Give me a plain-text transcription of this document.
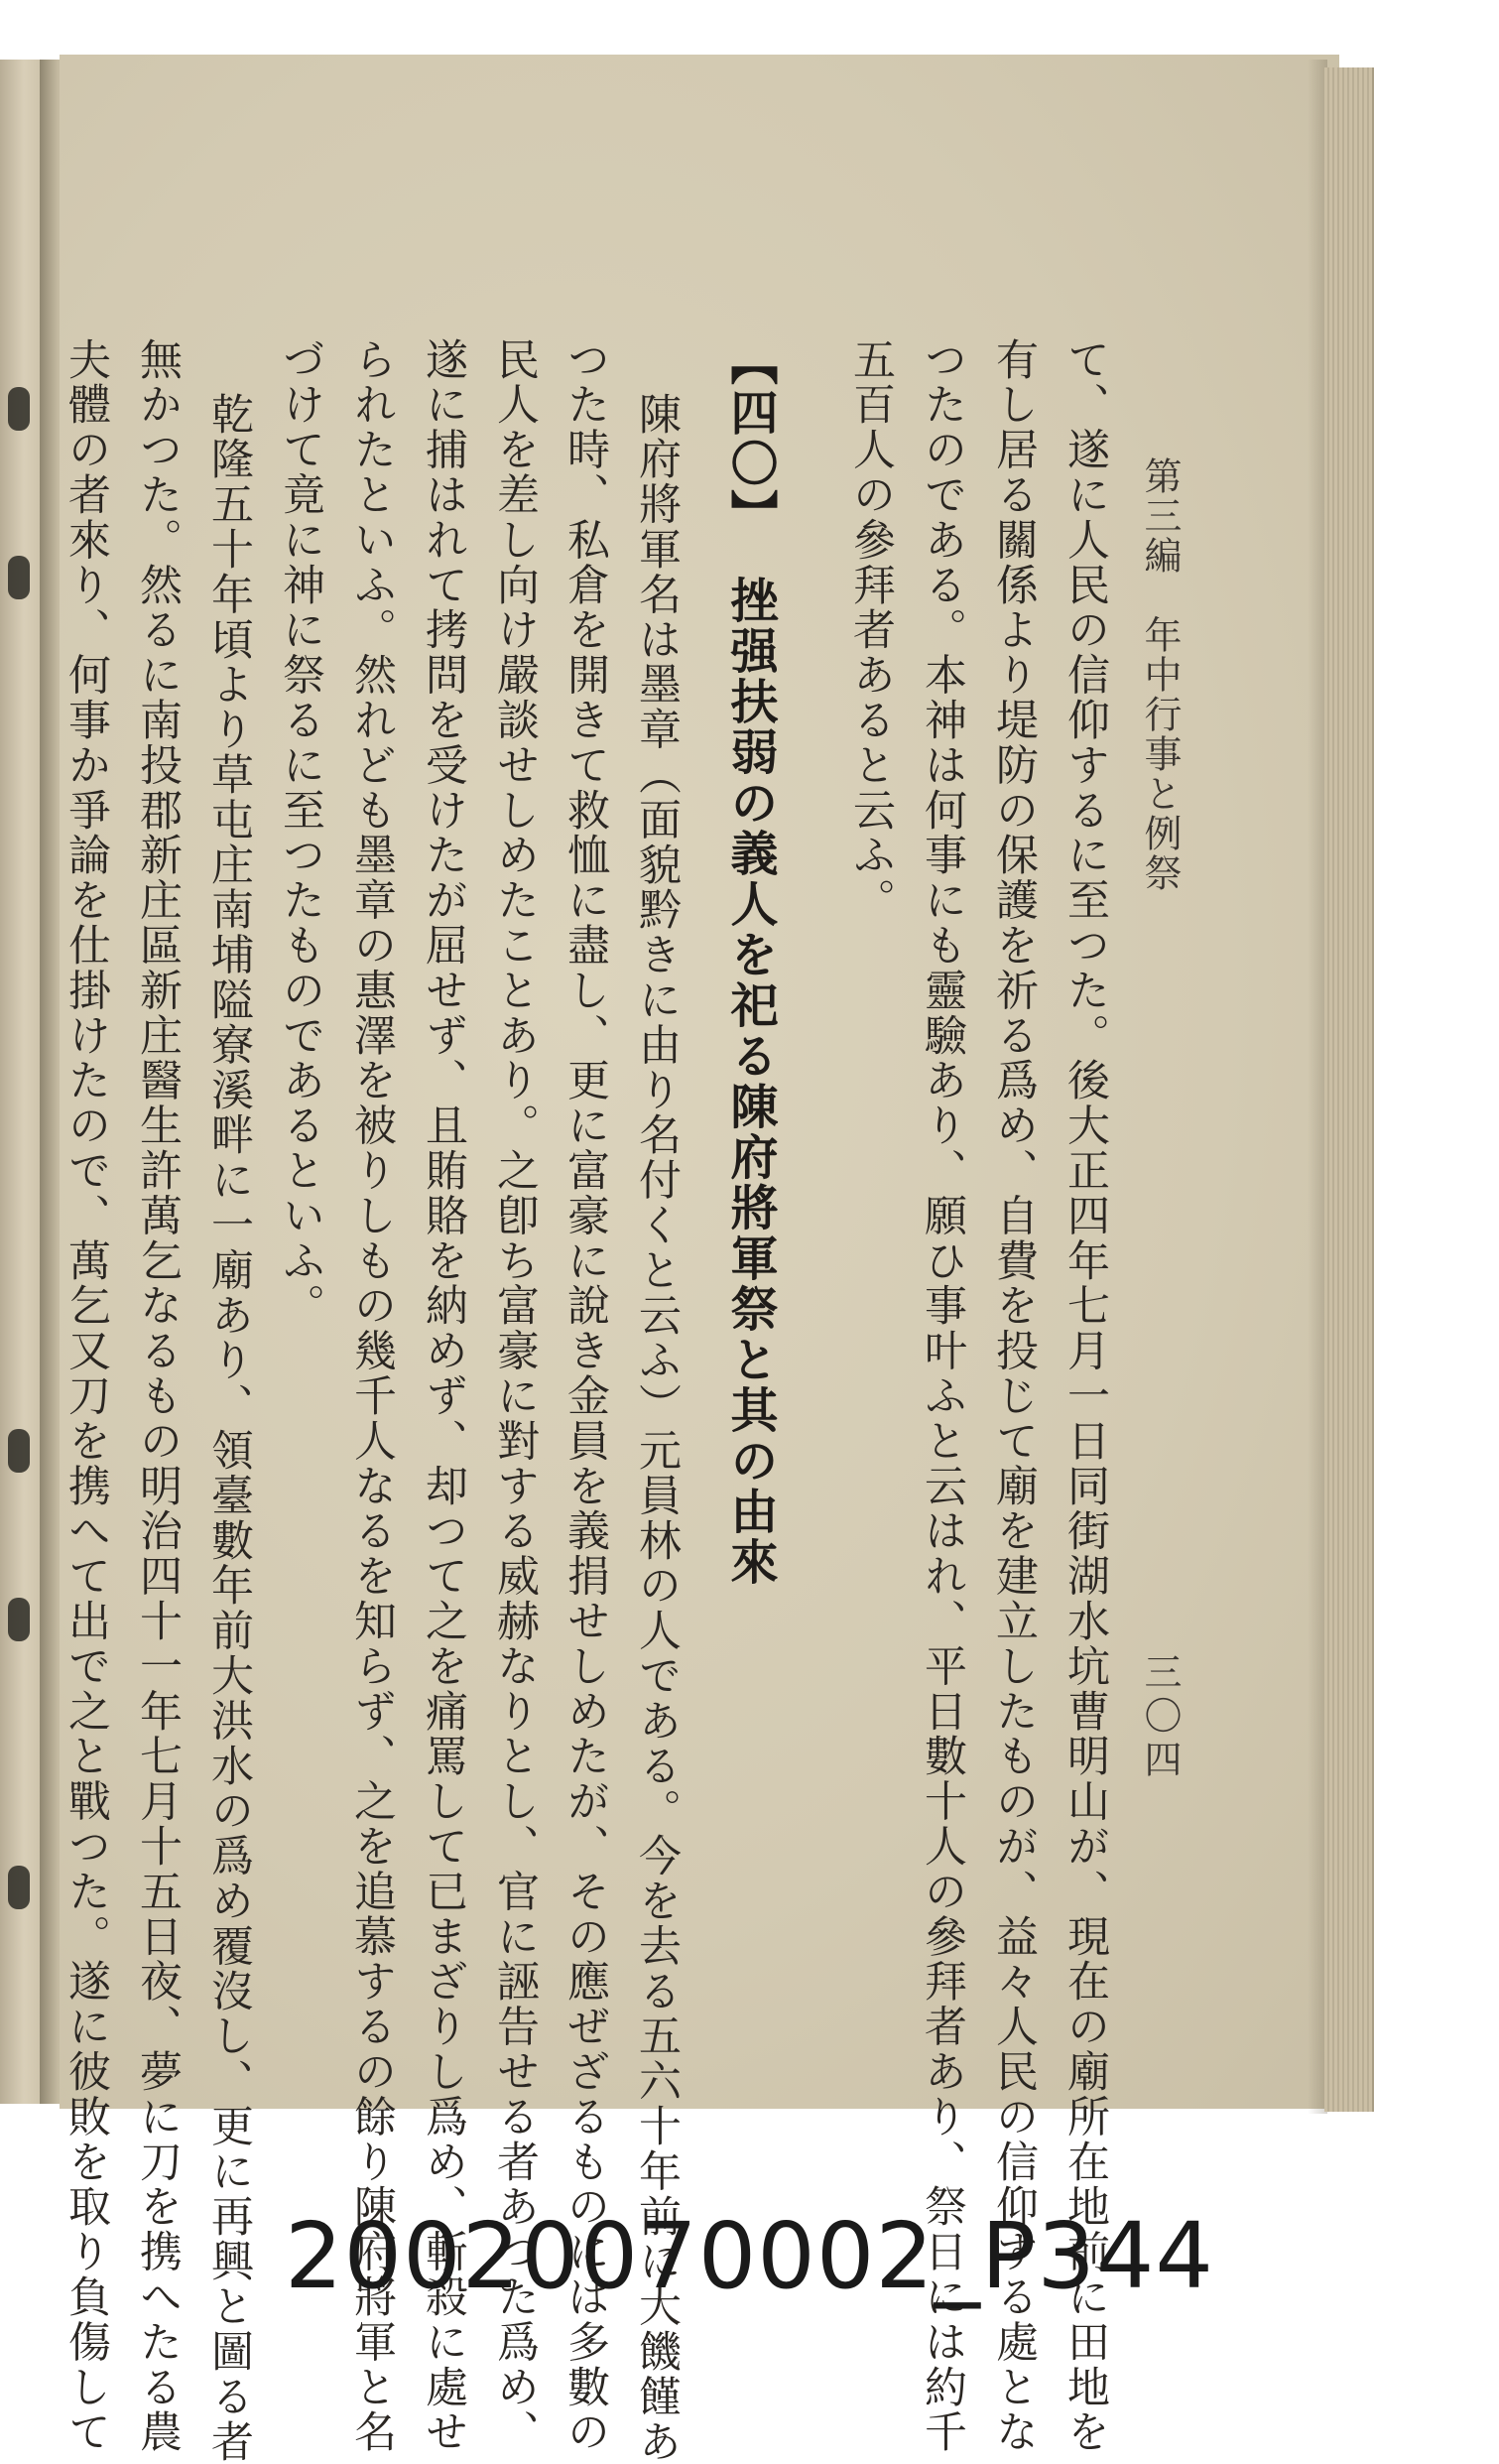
第三編　年中行事と例祭
三〇四
て、遂に人民の信仰するに至つた。後大正四年七月一日同街湖水坑曹明山が、現在の廟所在地前に田地を
有し居る關係より堤防の保護を祈る爲め、自費を投じて廟を建立したものが、益々人民の信仰する處とな
つたのである。本神は何事にも靈驗あり、願ひ事叶ふと云はれ、平日數十人の參拜者あり、祭日には約千
五百人の參拜者あると云ふ。
【四〇】挫强扶弱の義人を祀る陳府將軍祭と其の由來
陳府將軍名は墨章（面貌黔きに由り名付くと云ふ）元員林の人である。今を去る五六十年前に大饑饉あ
つた時、私倉を開きて救恤に盡し、更に富豪に說き金員を義捐せしめたが、その應ぜざるものには多數の
民人を差し向け嚴談せしめたことあり。之卽ち富豪に對する威赫なりとし、官に誣告せる者あつた爲め、
遂に捕はれて拷問を受けたが屈せず、且賄賂を納めず、却つて之を痛罵して已まざりし爲め、斬殺に處せ
られたといふ。然れども墨章の惠澤を被りしもの幾千人なるを知らず、之を追慕するの餘り陳府將軍と名
づけて竟に神に祭るに至つたものであるといふ。
乾隆五十年頃より草屯庄南埔隘寮溪畔に一廟あり、領臺數年前大洪水の爲め覆沒し、更に再興と圖る者
無かつた。然るに南投郡新庄區新庄醫生許萬乞なるもの明治四十一年七月十五日夜、夢に刀を携へたる農
夫體の者來り、何事か爭論を仕掛けたので、萬乞又刀を携へて出で之と戰つた。遂に彼敗を取り負傷して	20020070002_P344
